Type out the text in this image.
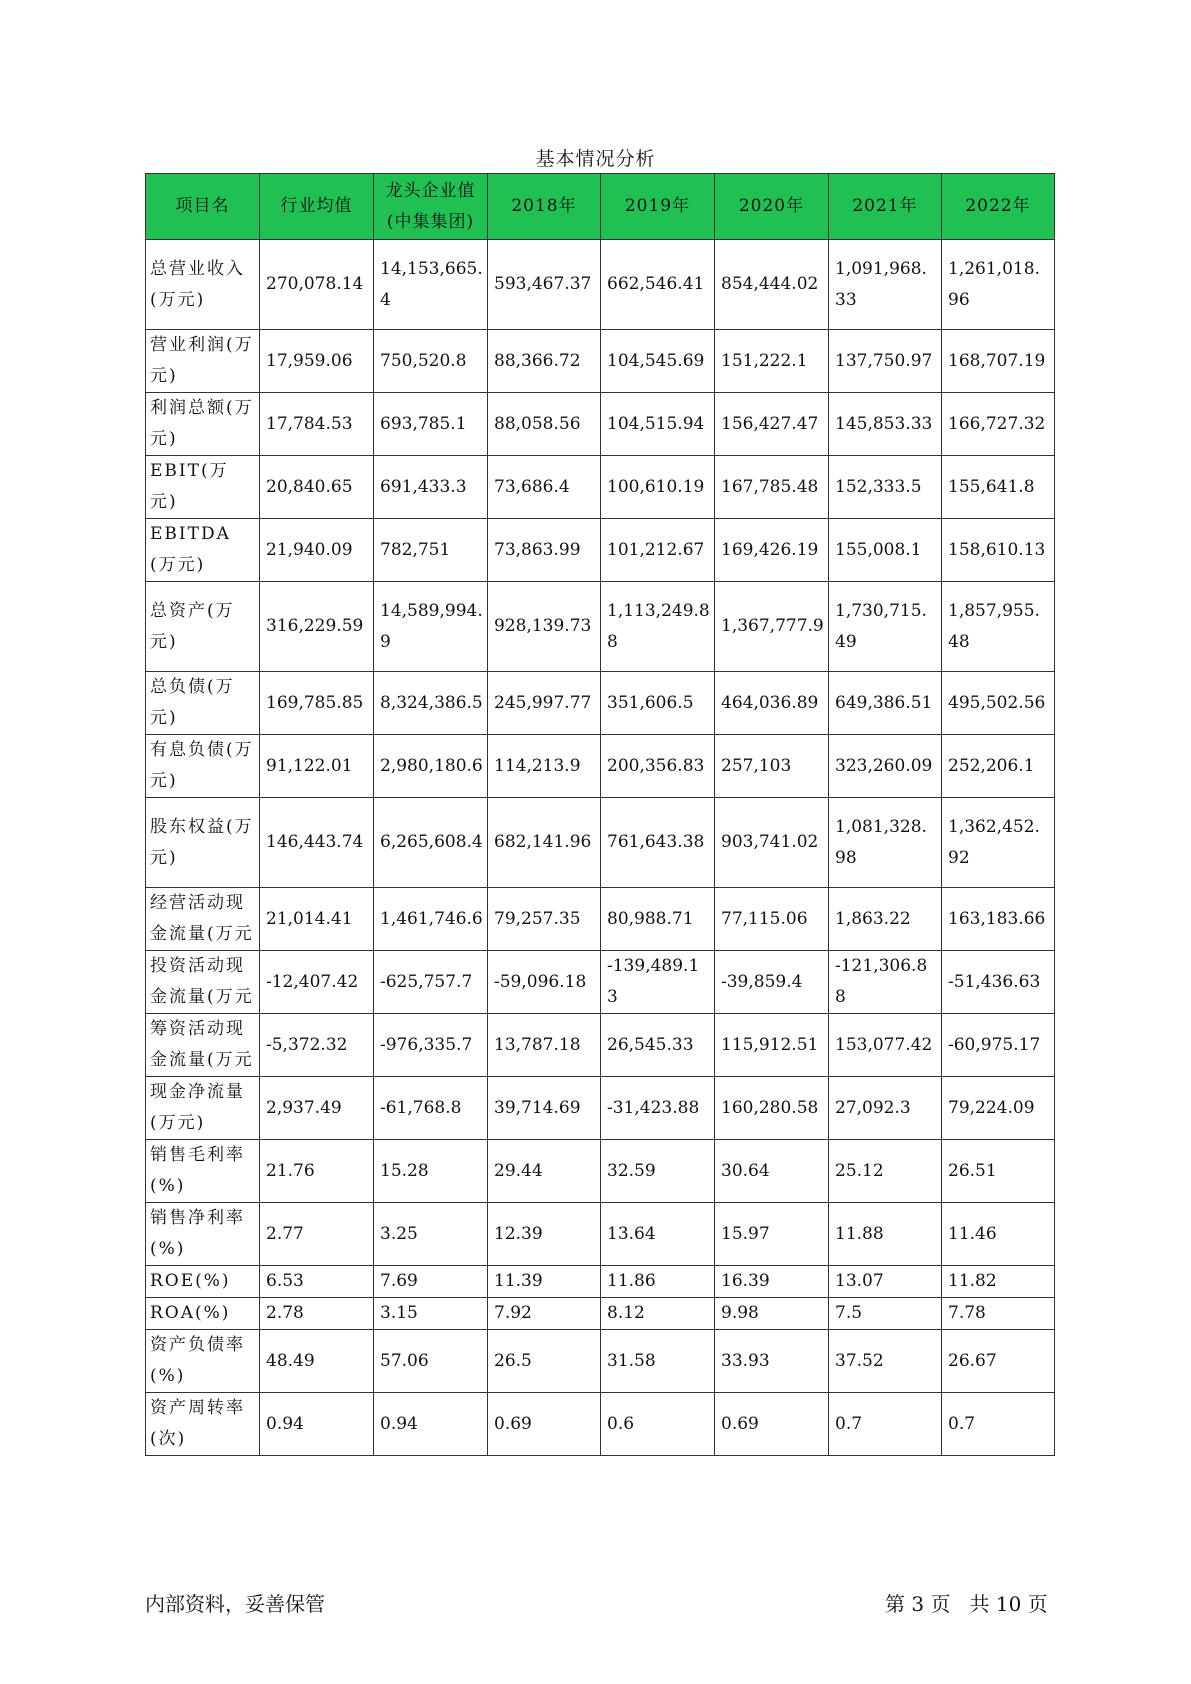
基本情况分析
项目名	行业均值	龙头企业值(中集集团)	2018年	2019年	2020年	2021年	2022年
总营业收入(万元)	270,078.14	14,153,665.4	593,467.37	662,546.41	854,444.02	1,091,968.33	1,261,018.96
营业利润(万元)	17,959.06	750,520.8	88,366.72	104,545.69	151,222.1	137,750.97	168,707.19
利润总额(万元)	17,784.53	693,785.1	88,058.56	104,515.94	156,427.47	145,853.33	166,727.32
EBIT(万元)	20,840.65	691,433.3	73,686.4	100,610.19	167,785.48	152,333.5	155,641.8
EBITDA(万元)	21,940.09	782,751	73,863.99	101,212.67	169,426.19	155,008.1	158,610.13
总资产(万元)	316,229.59	14,589,994.9	928,139.73	1,113,249.88	1,367,777.9	1,730,715.49	1,857,955.48
总负债(万元)	169,785.85	8,324,386.5	245,997.77	351,606.5	464,036.89	649,386.51	495,502.56
有息负债(万元)	91,122.01	2,980,180.6	114,213.9	200,356.83	257,103	323,260.09	252,206.1
股东权益(万元)	146,443.74	6,265,608.4	682,141.96	761,643.38	903,741.02	1,081,328.98	1,362,452.92
经营活动现金流量(万元	21,014.41	1,461,746.6	79,257.35	80,988.71	77,115.06	1,863.22	163,183.66
投资活动现金流量(万元	-12,407.42	-625,757.7	-59,096.18	-139,489.13	-39,859.4	-121,306.88	-51,436.63
筹资活动现金流量(万元	-5,372.32	-976,335.7	13,787.18	26,545.33	115,912.51	153,077.42	-60,975.17
现金净流量(万元)	2,937.49	-61,768.8	39,714.69	-31,423.88	160,280.58	27,092.3	79,224.09
销售毛利率(%)	21.76	15.28	29.44	32.59	30.64	25.12	26.51
销售净利率(%)	2.77	3.25	12.39	13.64	15.97	11.88	11.46
ROE(%)	6.53	7.69	11.39	11.86	16.39	13.07	11.82
ROA(%)	2.78	3.15	7.92	8.12	9.98	7.5	7.78
资产负债率(%)	48.49	57.06	26.5	31.58	33.93	37.52	26.67
资产周转率(次)	0.94	0.94	0.69	0.6	0.69	0.7	0.7
内部资料，妥善保管	第 3 页 共 10 页
